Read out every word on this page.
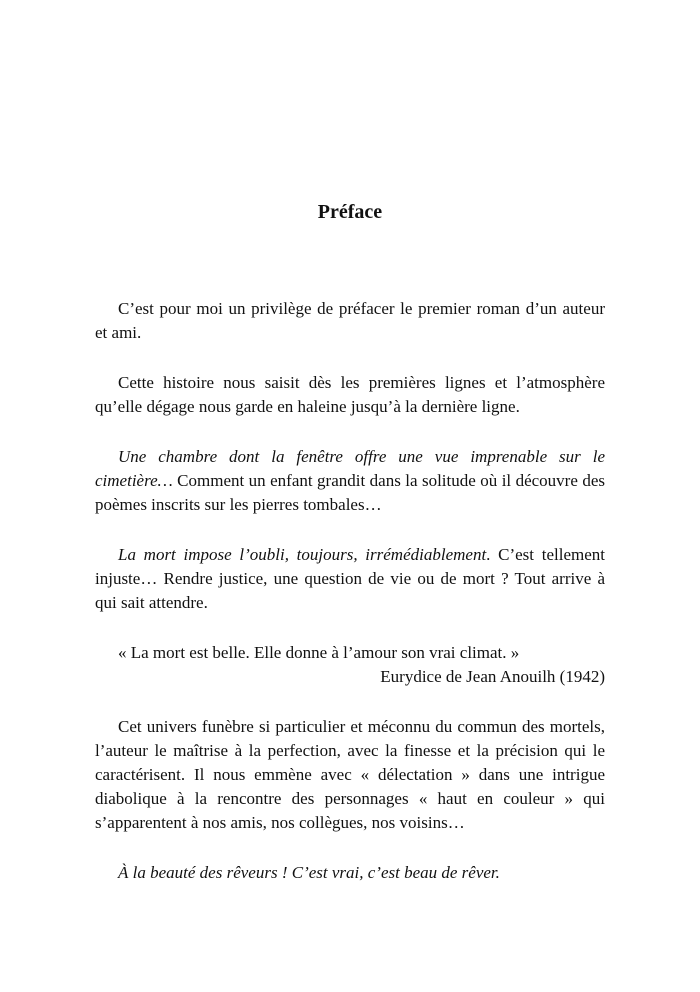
Préface

C’est pour moi un privilège de préfacer le premier roman d’un auteur et ami.

Cette histoire nous saisit dès les premières lignes et l’atmosphère qu’elle dégage nous garde en haleine jusqu’à la dernière ligne.

Une chambre dont la fenêtre offre une vue imprenable sur le cimetière… Comment un enfant grandit dans la solitude où il découvre des poèmes inscrits sur les pierres tombales…

La mort impose l’oubli, toujours, irrémédiablement. C’est tellement injuste… Rendre justice, une question de vie ou de mort ? Tout arrive à qui sait attendre.

« La mort est belle. Elle donne à l’amour son vrai climat. »
Eurydice de Jean Anouilh (1942)

Cet univers funèbre si particulier et méconnu du commun des mortels, l’auteur le maîtrise à la perfection, avec la finesse et la précision qui le caractérisent. Il nous emmène avec « délectation » dans une intrigue diabolique à la rencontre des personnages « haut en couleur » qui s’apparentent à nos amis, nos collègues, nos voisins…

À la beauté des rêveurs ! C’est vrai, c’est beau de rêver.
